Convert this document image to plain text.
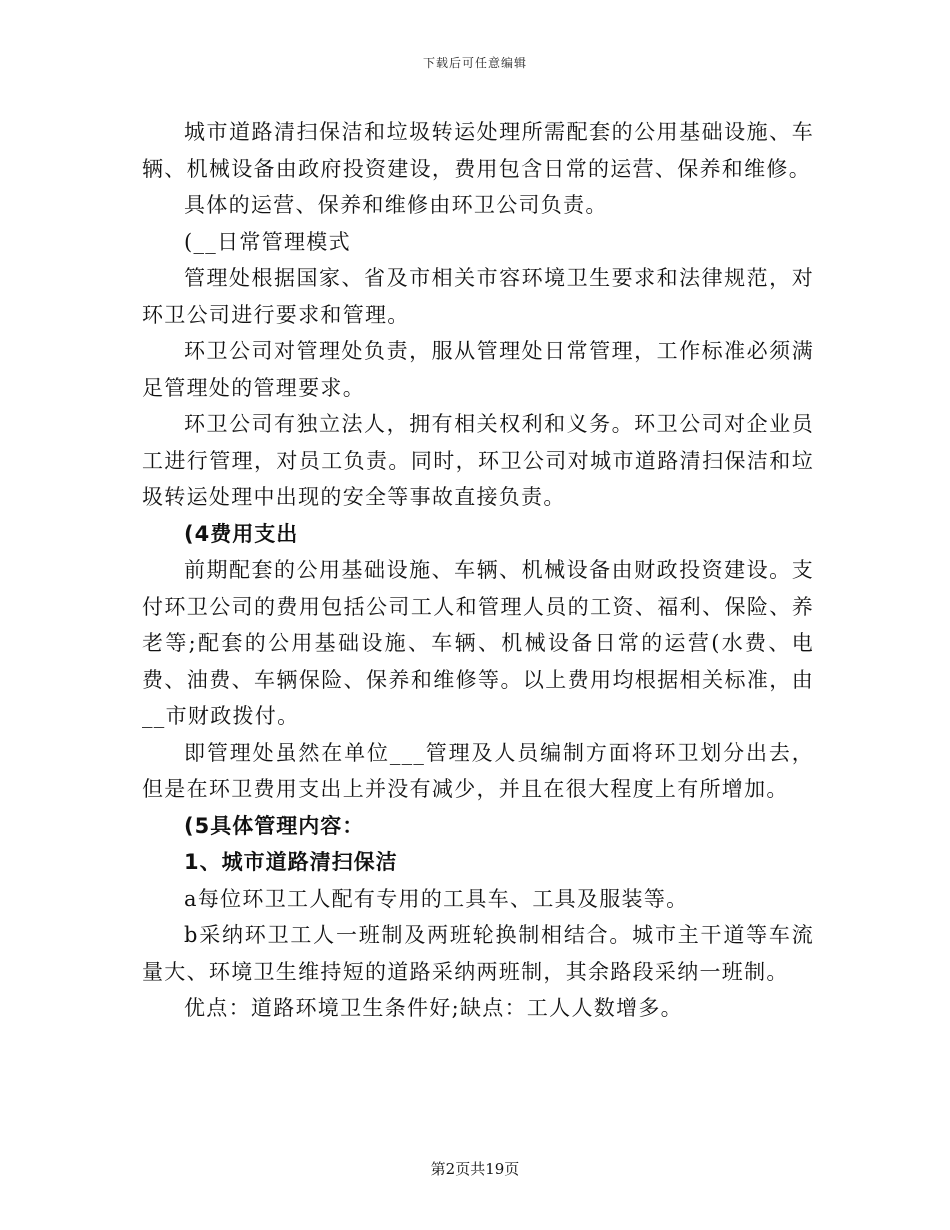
下载后可任意编辑

城市道路清扫保洁和垃圾转运处理所需配套的公用基础设施、车辆、机械设备由政府投资建设，费用包含日常的运营、保养和维修。

具体的运营、保养和维修由环卫公司负责。

(__日常管理模式

管理处根据国家、省及市相关市容环境卫生要求和法律规范，对环卫公司进行要求和管理。

环卫公司对管理处负责，服从管理处日常管理，工作标准必须满足管理处的管理要求。

环卫公司有独立法人，拥有相关权利和义务。环卫公司对企业员工进行管理，对员工负责。同时，环卫公司对城市道路清扫保洁和垃圾转运处理中出现的安全等事故直接负责。

(4费用支出

前期配套的公用基础设施、车辆、机械设备由财政投资建设。支付环卫公司的费用包括公司工人和管理人员的工资、福利、保险、养老等;配套的公用基础设施、车辆、机械设备日常的运营(水费、电费、油费、车辆保险、保养和维修等。以上费用均根据相关标准，由__市财政拨付。

即管理处虽然在单位___管理及人员编制方面将环卫划分出去，但是在环卫费用支出上并没有减少，并且在很大程度上有所增加。

(5具体管理内容：

1、城市道路清扫保洁

a每位环卫工人配有专用的工具车、工具及服装等。

b采纳环卫工人一班制及两班轮换制相结合。城市主干道等车流量大、环境卫生维持短的道路采纳两班制，其余路段采纳一班制。

优点：道路环境卫生条件好;缺点：工人人数增多。

第2页共19页
